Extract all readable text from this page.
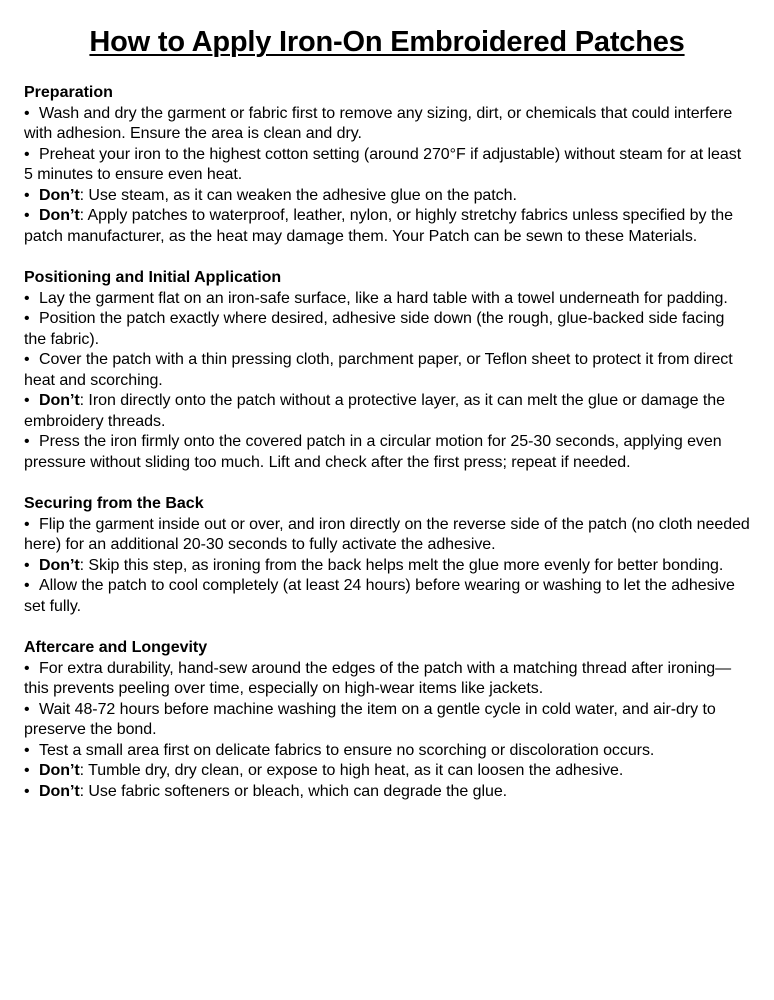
How to Apply Iron-On Embroidered Patches

Preparation

• Wash and dry the garment or fabric first to remove any sizing, dirt, or chemicals that could interfere with adhesion. Ensure the area is clean and dry.

• Preheat your iron to the highest cotton setting (around 270°F if adjustable) without steam for at least 5 minutes to ensure even heat.

• Don’t: Use steam, as it can weaken the adhesive glue on the patch.

• Don’t: Apply patches to waterproof, leather, nylon, or highly stretchy fabrics unless specified by the patch manufacturer, as the heat may damage them. Your Patch can be sewn to these Materials.

Positioning and Initial Application

• Lay the garment flat on an iron-safe surface, like a hard table with a towel underneath for padding.

• Position the patch exactly where desired, adhesive side down (the rough, glue-backed side facing the fabric).

• Cover the patch with a thin pressing cloth, parchment paper, or Teflon sheet to protect it from direct heat and scorching.

• Don’t: Iron directly onto the patch without a protective layer, as it can melt the glue or damage the embroidery threads.

• Press the iron firmly onto the covered patch in a circular motion for 25-30 seconds, applying even pressure without sliding too much. Lift and check after the first press; repeat if needed.

Securing from the Back

• Flip the garment inside out or over, and iron directly on the reverse side of the patch (no cloth needed here) for an additional 20-30 seconds to fully activate the adhesive.

• Don’t: Skip this step, as ironing from the back helps melt the glue more evenly for better bonding.

• Allow the patch to cool completely (at least 24 hours) before wearing or washing to let the adhesive set fully.

Aftercare and Longevity

• For extra durability, hand-sew around the edges of the patch with a matching thread after ironing—this prevents peeling over time, especially on high-wear items like jackets.

• Wait 48-72 hours before machine washing the item on a gentle cycle in cold water, and air-dry to preserve the bond.

• Test a small area first on delicate fabrics to ensure no scorching or discoloration occurs.

• Don’t: Tumble dry, dry clean, or expose to high heat, as it can loosen the adhesive.

• Don’t: Use fabric softeners or bleach, which can degrade the glue.
